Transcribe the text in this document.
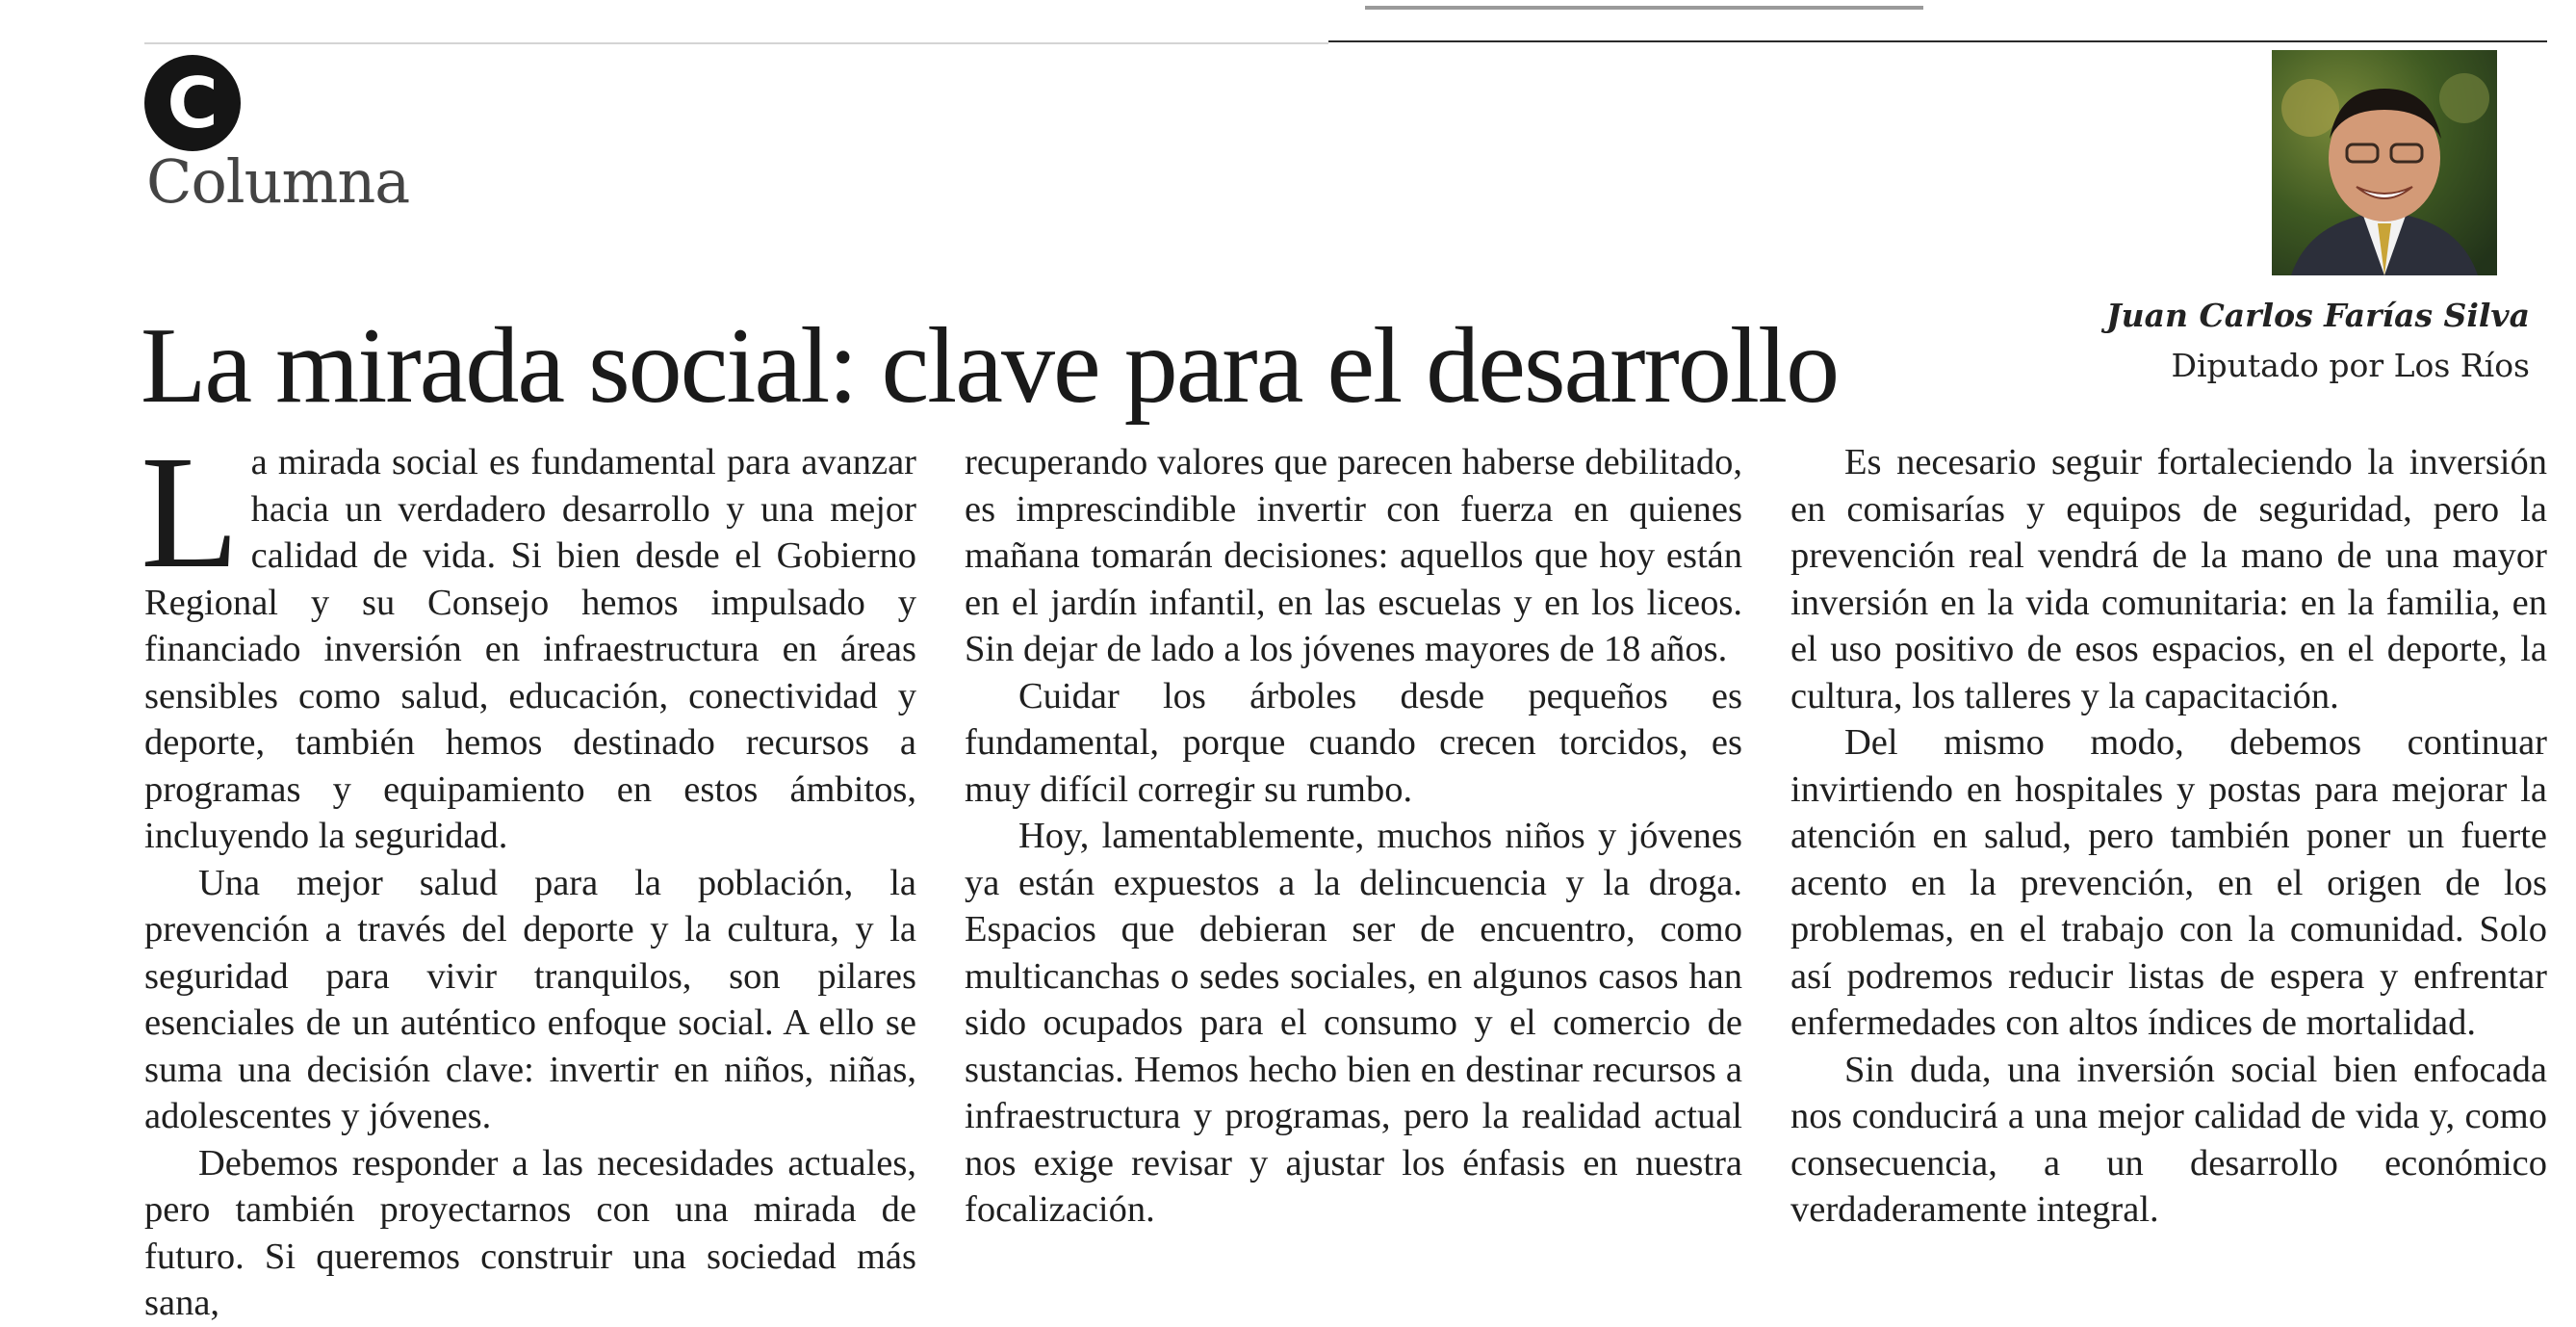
C
Columna
La mirada social: clave para el desarrollo	Juan Carlos Farías Silva
Diputado por Los Ríos

La mirada social es fundamental para avanzar hacia un verdadero desarrollo y una mejor calidad de vida. Si bien desde el Gobierno Regional y su Consejo hemos impulsado y financiado inversión en infraestructura en áreas sensibles como salud, educación, conectividad y deporte, también hemos destinado recursos a programas y equipamiento en estos ámbitos, incluyendo la seguridad.

Una mejor salud para la población, la prevención a través del deporte y la cultura, y la seguridad para vivir tranquilos, son pilares esenciales de un auténtico enfoque social. A ello se suma una decisión clave: invertir en niños, niñas, adolescentes y jóvenes.

Debemos responder a las necesidades actuales, pero también proyectarnos con una mirada de futuro. Si queremos construir una sociedad más sana,

recuperando valores que parecen haberse debilitado, es imprescindible invertir con fuerza en quienes mañana tomarán decisiones: aquellos que hoy están en el jardín infantil, en las escuelas y en los liceos. Sin dejar de lado a los jóvenes mayores de 18 años.

Cuidar los árboles desde pequeños es fundamental, porque cuando crecen torcidos, es muy difícil corregir su rumbo.

Hoy, lamentablemente, muchos niños y jóvenes ya están expuestos a la delincuencia y la droga. Espacios que debieran ser de encuentro, como multicanchas o sedes sociales, en algunos casos han sido ocupados para el consumo y el comercio de sustancias. Hemos hecho bien en destinar recursos a infraestructura y programas, pero la realidad actual nos exige revisar y ajustar los énfasis en nuestra focalización.

Es necesario seguir fortaleciendo la inversión en comisarías y equipos de seguridad, pero la prevención real vendrá de la mano de una mayor inversión en la vida comunitaria: en la familia, en el uso positivo de esos espacios, en el deporte, la cultura, los talleres y la capacitación.

Del mismo modo, debemos continuar invirtiendo en hospitales y postas para mejorar la atención en salud, pero también poner un fuerte acento en la prevención, en el origen de los problemas, en el trabajo con la comunidad. Solo así podremos reducir listas de espera y enfrentar enfermedades con altos índices de mortalidad.

Sin duda, una inversión social bien enfocada nos conducirá a una mejor calidad de vida y, como consecuencia, a un desarrollo económico verdaderamente integral.
